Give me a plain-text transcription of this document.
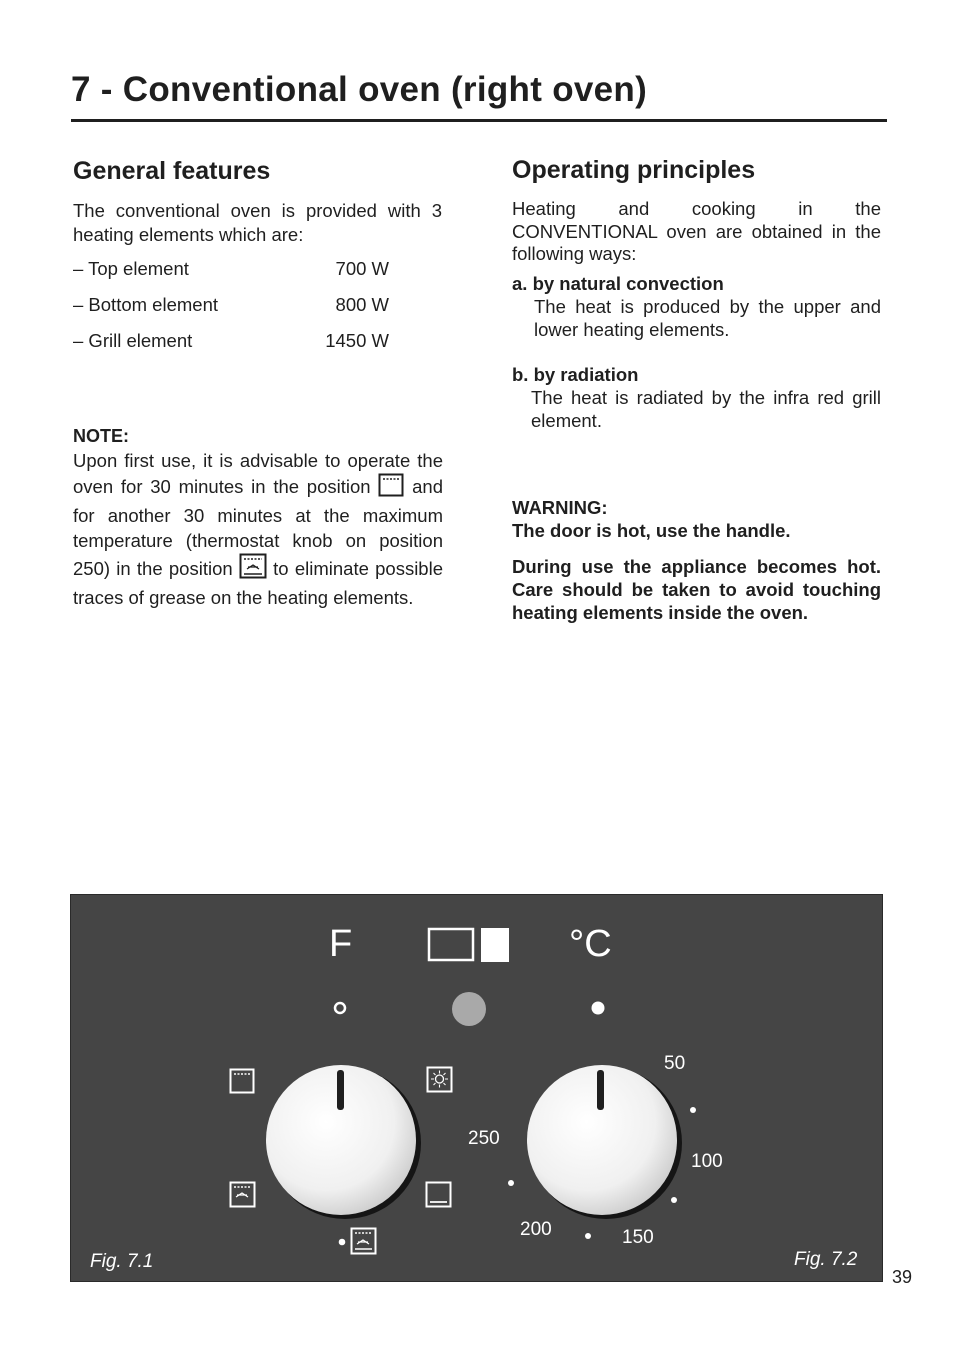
7 - Conventional oven (right oven)
General features
The conventional oven is provided with 3 heating elements which are:
– Top element	700 W
– Bottom element	800 W
– Grill element	1450 W
NOTE:
Upon first use, it is advisable to operate the oven for 30 minutes in the position and for another 30 minutes at the maximum temperature (thermostat knob on position 250) in the position to eliminate possible traces of grease on the heating elements.
Operating principles
Heating and cooking in the CONVENTIONAL oven are obtained in the following ways:
a. by natural convection
The heat is produced by the upper and lower heating elements.
b. by radiation
The heat is radiated by the infra red grill element.
WARNING:
The door is hot, use the handle.
During use the appliance becomes hot. Care should be taken to avoid touching heating elements inside the oven.
F	°C
50
100
150
200
250
Fig. 7.1	Fig. 7.2
39
